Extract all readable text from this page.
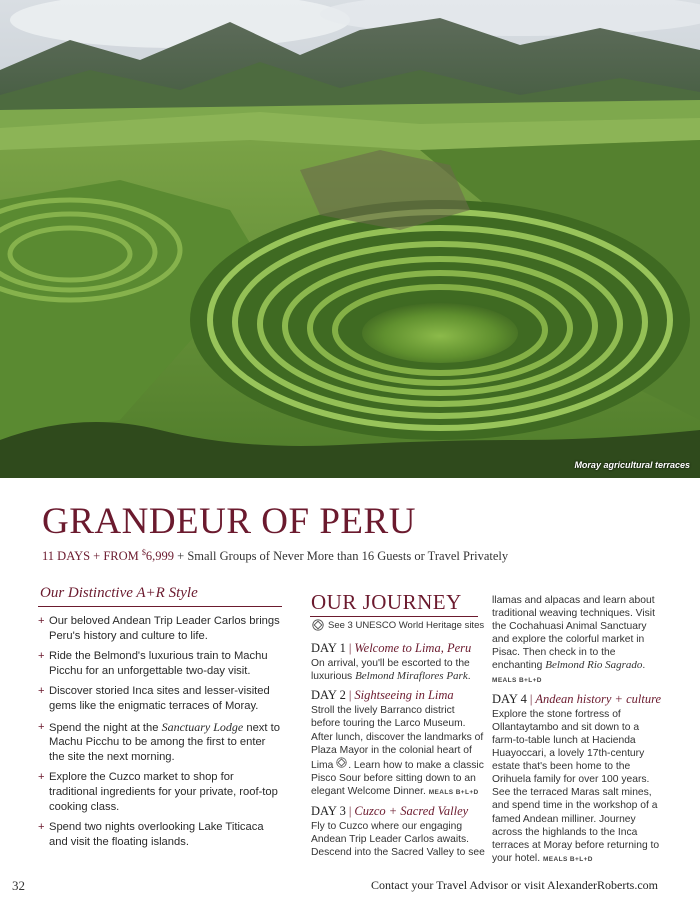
Moray agricultural terraces
GRANDEUR OF PERU
11 DAYS + FROM $6,999 + Small Groups of Never More than 16 Guests or Travel Privately
Our Distinctive A+R Style
+ Our beloved Andean Trip Leader Carlos brings Peru's history and culture to life.
+ Ride the Belmond's luxurious train to Machu Picchu for an unforgettable two-day visit.
+ Discover storied Inca sites and lesser-visited gems like the enigmatic terraces of Moray.
+ Spend the night at the Sanctuary Lodge next to Machu Picchu to be among the first to enter the site the next morning.
+ Explore the Cuzco market to shop for traditional ingredients for your private, roof-top cooking class.
+ Spend two nights overlooking Lake Titicaca and visit the floating islands.
OUR JOURNEY
See 3 UNESCO World Heritage sites
DAY 1 | Welcome to Lima, Peru

On arrival, you'll be escorted to the luxurious Belmond Miraflores Park.

DAY 2 | Sightseeing in Lima

Stroll the lively Barranco district before touring the Larco Museum. After lunch, discover the landmarks of Plaza Mayor in the colonial heart of Lima . Learn how to make a classic Pisco Sour before sitting down to an elegant Welcome Dinner. MEALS B+L+D

DAY 3 | Cuzco + Sacred Valley

Fly to Cuzco where our engaging Andean Trip Leader Carlos awaits. Descend into the Sacred Valley to see

llamas and alpacas and learn about traditional weaving techniques. Visit the Cochahuasi Animal Sanctuary and explore the colorful market in Pisac. Then check in to the enchanting Belmond Rio Sagrado. MEALS B+L+D

DAY 4 | Andean history + culture

Explore the stone fortress of Ollantaytambo and sit down to a farm-to-table lunch at Hacienda Huayoccari, a lovely 17th-century estate that's been home to the Orihuela family for over 100 years. See the terraced Maras salt mines, and spend time in the workshop of a famed Andean milliner. Journey across the highlands to the Inca terraces at Moray before returning to your hotel. MEALS B+L+D

32	Contact your Travel Advisor or visit AlexanderRoberts.com
